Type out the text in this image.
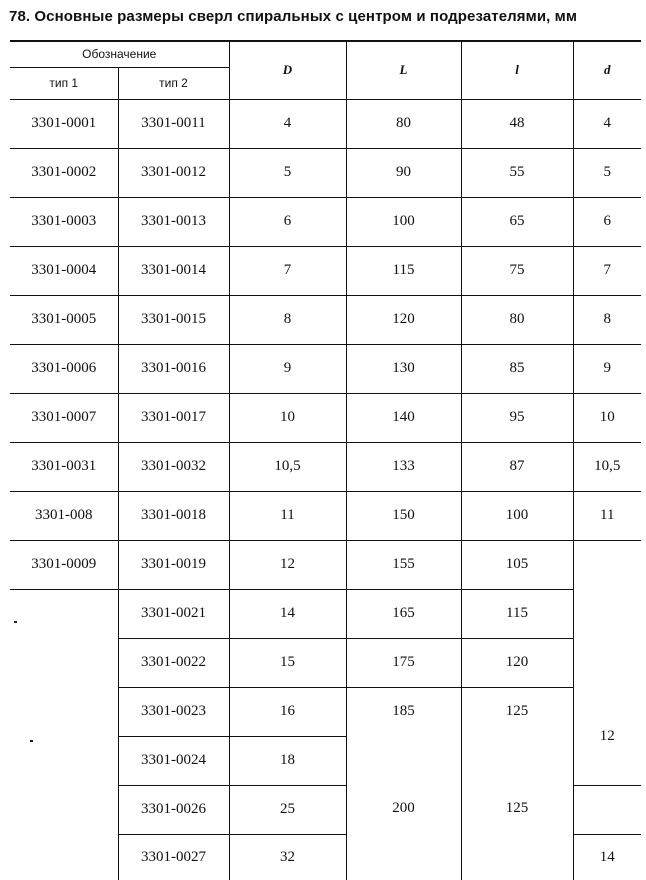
78. Основные размеры сверл спиральных с центром и подрезателями, мм
Обозначение		D	L	l	d
тип 1	тип 2				
3301-0001	3301-0011	4	80	48	4
3301-0002	3301-0012	5	90	55	5
3301-0003	3301-0013	6	100	65	6
3301-0004	3301-0014	7	115	75	7
3301-0005	3301-0015	8	120	80	8
3301-0006	3301-0016	9	130	85	9
3301-0007	3301-0017	10	140	95	10
3301-0031	3301-0032	10,5	133	87	10,5
3301-008	3301-0018	11	150	100	11
3301-0009	3301-0019	12	155	105	12
	3301-0021	14	165	115	
	3301-0022	15	175	120	
	3301-0023	16	185	125	
	3301-0024	18	200	125	
	3301-0026	25			
	3301-0027	32			14
